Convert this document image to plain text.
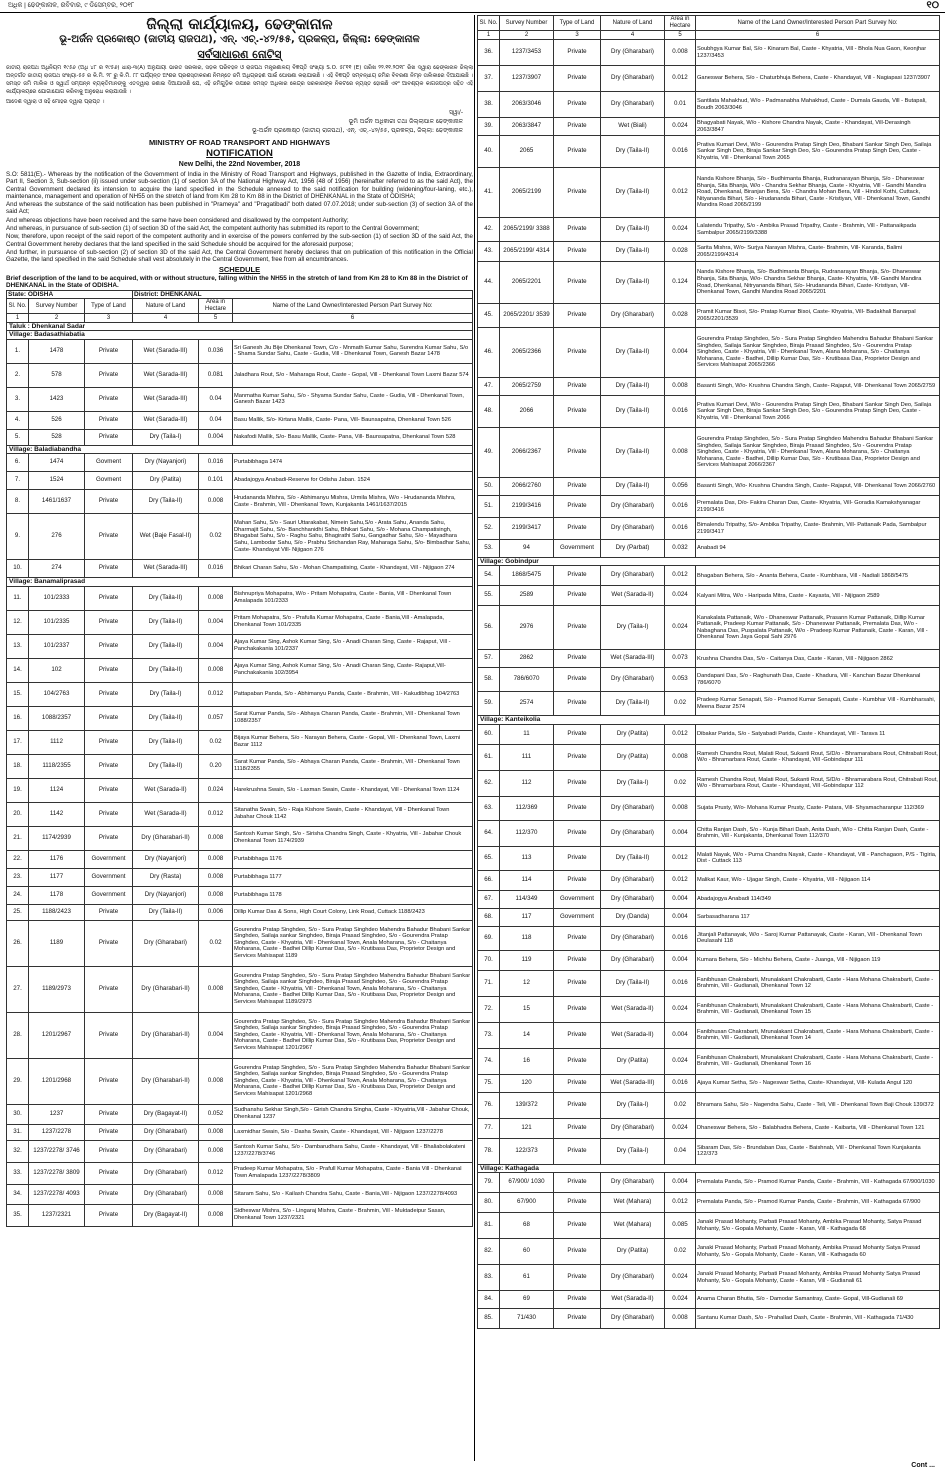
ଅଧିକ | ଢେଙ୍କାନାଳ, ରବିବାର, ୯ ଡିସେମ୍ବର, ୨୦୧୮	୧୦
ଜିଲ୍ଲା କାର୍ଯ୍ୟାଳୟ, ଢେଙ୍କାନାଳ
ଭୂ-ଅର୍ଜନ ପ୍ରକୋଷ୍ଠ (ଜାତୀୟ ରାଜପଥ), ଏନ୍. ଏଚ୍.-୪୨/୫୫, ପ୍ରକଳ୍ପ, ଜିଲ୍ଲା: ଢେଙ୍କାନାଳ
ସର୍ବସାଧାରଣ ନୋଟିସ୍
ଜାତୀୟ ରାଜପଥ ଅଧିନିୟମ ୧୯୫୬ (ଅଧି ୪୮ ର ୧୯୫୬) ଧାରା-୩(A) ଅନୁଯାୟୀ ଭାରତ ସରକାର, ସଡ଼କ ପରିବହନ ଓ ରାଜପଥ ମନ୍ତ୍ରଣାଳୟ ବିଜ୍ଞପ୍ତି ସଂଖ୍ୟା S.O. ୫୮୧୧ (E) ତାରିଖ ୨୨.୧୧.୨୦୧୮ ରିଖ ଦ୍ୱାରା ଢେଙ୍କାନାଳ ଜିଲ୍ଲା ଅନ୍ତର୍ଗତ ଜାତୀୟ ରାଜପଥ ସଂଖ୍ୟା-୫୫ ର କି.ମି. ୨୮ ରୁ କି.ମି. ୮୮ ପର୍ଯ୍ୟନ୍ତ ଅଂଶର ପ୍ରଶସ୍ତୀକରଣ ନିମନ୍ତେ ଜମି ଅଧିଗ୍ରହଣ ପାଇଁ ଘୋଷଣା କରାଯାଇଛି । ଏହି ବିଜ୍ଞପ୍ତି ସମ୍ବନ୍ଧୀୟ ଜମିର ବିବରଣୀ ନିମ୍ନ ତାଲିକାରେ ଦିଆଯାଇଛି । ସମସ୍ତ ଜମି ମାଲିକ ଓ ସ୍ୱାର୍ଥ ସମ୍ପନ୍ନ ବ୍ୟକ୍ତିମାନଙ୍କୁ ଏତଦ୍ୱାରା ଜଣାଇ ଦିଆଯାଉଛି ଯେ, ଏହି ଜମିଗୁଡ଼ିକ ଉପରେ ସମସ୍ତ ଅଧିକାର କେନ୍ଦ୍ର ସରକାରଙ୍କ ନିକଟରେ ନ୍ୟସ୍ତ ହୋଇଛି ଏବଂ ଆବଶ୍ୟକ କାଗଜପତ୍ର ସହିତ ଏହି କାର୍ଯ୍ୟାଳୟରେ ଯୋଗାଯୋଗ କରିବାକୁ ଅନୁରୋଧ କରାଯାଉଛି ।
ଆଦେଶ ଦ୍ୱାରା ଓ ସହି ମୋହର ଦ୍ୱାରା ପ୍ରାପ୍ତ ।
ସ୍ୱା/-
ଭୂମି ଅର୍ଜନ ଅଧିକାରୀ ତଥା ଜିଲ୍ଲାପାଳ ଢେଙ୍କାନାଳ
ଭୂ-ଅର୍ଜନ ପ୍ରକୋଷ୍ଠ (ଜାତୀୟ ରାଜପଥ), ଏନ୍. ଏଚ୍.-୪୨/୫୫, ପ୍ରକଳ୍ପ, ଜିଲ୍ଲା: ଢେଙ୍କାନାଳ
MINISTRY OF ROAD TRANSPORT AND HIGHWAYS
NOTIFICATION
New Delhi, the 22nd November, 2018

S.O: 5811(E).- Whereas by the notification of the Government of India in the Ministry of Road Transport and Highways, published in the Gazette of India, Extraordinary, Part II, Section 3, Sub-section (ii) issued under sub-section (1) of section 3A of the National Highway Act, 1956 (48 of 1956) (hereinafter referred to as the said Act), the Central Government declared its intension to acquire the land specified in the Schedule annexed to the said notification for building (widening/four-laning, etc.), maintenance, management and operation of NH55 on the stretch of land from Km 28 to Km 88 in the District of DHENKANAL in the State of ODISHA;

And whereas the substance of the said notification has been published in "Prameya" and "Pragatibadi" both dated 07.07.2018; under sub-section (3) of section 3A of the said Act;

And whereas objections have been received and the same have been considered and disallowed by the competent Authority;

And whereas, in pursuance of sub-section (1) of section 3D of the said Act, the competent authority has submitted its report to the Central Government;

Now, therefore, upon receipt of the said report of the competent authority and in exercise of the powers conferred by the sub-section (1) of section 3D of the said Act, the Central Government hereby declares that the land specified in the said Schedule should be acquired for the aforesaid purpose;

And further, in pursuance of sub-section (2) of section 3D of the said Act, the Central Government hereby declares that on publication of this notification in the Official Gazette, the land specified in the said Schedule shall vest absolutely in the Central Government, free from all encumbrances.

SCHEDULE
Brief description of the land to be acquired, with or without structure, falling within the NH55 in the stretch of land from Km 28 to Km 88 in the District of DHENKANAL in the State of ODISHA.
State: ODISHA			District: DHENKANAL		
Sl. No.	Survey Number	Type of Land	Nature of Land	Area in Hectare	Name of the Land Owner/Interested Person Part Survey No:
1	2	3	4	5	6
Taluk : Dhenkanal Sadar					
Village: Badasathiabatia					
1.	1478	Private	Wet (Sarada-III)	0.036	Sri Ganesh Jiu Bije Dhenkanal Town, C/o - Mnmath Eumar Sahu, Surendra Kumar Sahu, S/o - Shama Sundar Sahu, Caste - Gudia, Vill - Dhenkanal Town, Ganesh Bazar 1478
2.	578	Private	Wet (Sarada-III)	0.081	Jaladhara Rout, S/o - Maharaga Rout, Caste - Gopal, Vill - Dhenkanal Town Laxmi Bazar 574
3.	1423	Private	Wet (Sarada-III)	0.04	Manmatha Kumar Sahu, S/o - Shyama Sundar Sahu, Caste - Gudia, Vill - Dhenkanal Town, Ganesh Bazar 1423
4.	526	Private	Wet (Sarada-III)	0.04	Basu Mallik, S/o- Kirtana Mallik, Caste- Pana, Vill- Baunsapatna, Dhenkanal Town 526
5.	528	Private	Dry (Taila-I)	0.004	Nakafodi Mallik, S/o- Basu Mallik, Caste- Pana, Vill- Baunsapatna, Dhenkanal Town 528
Village: Baladiabandha					
6.	1474	Govment	Dry (Nayanjori)	0.016	Purtabibhaga 1474
7.	1524	Govment	Dry (Patita)	0.101	Abadajogya Anabadi-Reserve for Odisha Jaban. 1524
8.	1461/1637	Private	Dry (Taila-II)	0.008	Hrudananda Mishra, S/o - Abhimanyu Mishra, Urmila Mishra, W/o - Hrudananda Mishra, Caste - Brahmin, Vill - Dhenkanal Town, Kunjakanta 1461/1637/2015
9.	276	Private	Wet (Baje Fasal-II)	0.02	Mahan Sahu, S/o - Sauri Uttarakabat, Nimein Sahu,S/o - Arata Sahu, Ananda Sahu, Dharmajit Sahu, S/o- Banchhanidhi Sahu, Bhikari Sahu, S/o - Mohana Champatisingh, Bhagabat Sahu, S/o - Raghu Sahu, Bhagirathi Sahu, Gangadhar Sahu, S/o - Mayadhara Sahu, Lambodar Sahu, S/o - Prabhu Srichandan Ray, Maharaga Sahu, S/o- Bimbadhar Sahu, Caste- Khandayat Vill- Nijigaon 276
10.	274	Private	Wet (Sarada-III)	0.016	Bhikari Charan Sahu, S/o - Mohan Champatising, Caste - Khandayat, Vill - Nijigaon 274
Village: Banamaliprasad					
11.	101/2333	Private	Dry (Taila-II)	0.008	Bishnupriya Mohapatra, W/o - Pritam Mohapatra, Caste - Bania, Vill - Dhenkanal Town Amalapada 101/2333
12.	101/2335	Private	Dry (Taila-II)	0.004	Pritam Mohapatra, S/o - Prafulla Kumar Mohapatra, Caste - Bania,Vill - Amalapada, Dhenkanal Town 101/2335
13.	101/2337	Private	Dry (Taila-II)	0.004	Ajaya Kumar Sing, Ashok Kumar Sing, S/o - Anadi Charan Sing, Caste - Rajaput, Vill - Panchakakania 101/2337
14.	102	Private	Dry (Taila-II)	0.008	Ajaya Kumar Sing, Ashok Kumar Sing, S/o - Anadi Charan Sing, Caste- Rajaput,Vill-Panchakakania 102/3954
15.	104/2763	Private	Dry (Taila-I)	0.012	Pattapaban Panda, S/o - Abhimanyu Panda, Caste - Brahmin, Vill - Kakudibhag 104/2763
16.	1088/2357	Private	Dry (Taila-II)	0.057	Sarat Kumar Panda, S/o - Abhaya Charan Panda, Caste - Brahmin, Vill - Dhenkanal Town 1088/2357
17.	1112	Private	Dry (Taila-II)	0.02	Bijaya Kumar Behera, S/o - Narayan Behera, Caste - Gopal, Vill - Dhenkanal Town, Laxmi Bazar 1112
18.	1118/2355	Private	Dry (Taila-II)	0.20	Sarat Kumar Panda, S/o - Abhaya Charan Panda, Caste - Brahmin, Vill - Dhenkanal Town 1118/2355
19.	1124	Private	Wet (Sarada-II)	0.024	Harekrushna Swain, S/o - Laxman Swain, Caste - Khandayat, Vill - Dhenkanal Town 1124
20.	1142	Private	Wet (Sarada-II)	0.012	Sitanatha Swain, S/o - Raja Kishore Swain, Caste - Khandayat, Vill - Dhenkanal Town Jabahar Chouk 1142
21.	1174/2939	Private	Dry (Gharabari-II)	0.008	Santosh Kumar Singh, S/o - Sirisha Chandra Singh, Caste - Khyatria, Vill - Jabahar Chouk Dhenkanal Town 1174/2939
22.	1176	Government	Dry (Nayanjori)	0.008	Purtabibhaga 1176
23.	1177	Government	Dry (Rasta)	0.008	Purtabibhaga 1177
24.	1178	Government	Dry (Nayanjori)	0.008	Purtabibhaga 1178
25.	1188/2423	Private	Dry (Taila-II)	0.006	Dillip Kumar Das & Sons, High Court Colony, Link Road, Cuttack 1188/2423
26.	1189	Private	Dry (Gharabari)	0.02	Gourendra Pratap Singhdeo, S/o - Sura Pratap Singhdeo Mahendra Bahadur Bhabani Sankar Singhdeo, Sailaja sankar Singhdeo, Biraja Prasad Singhdeo, S/o - Gourendra Pratap Singhdeo, Caste - Khyatria, Vill - Dhenkanal Town, Anala Moharana, S/o - Chaitanya Moharana, Caste - Badhei Dillip Kumar Das, S/o - Krutibasa Das, Proprietor Design and Services Mahisapat 1189
27.	1189/2973	Private	Dry (Gharabari-II)	0.008	Gourendra Pratap Singhdeo, S/o - Sura Pratap Singhdeo Mahendra Bahadur Bhabani Sankar Singhdeo, Sailaja sankar Singhdeo, Biraja Prasad Singhdeo, S/o - Gourendra Pratap Singhdeo, Caste - Khyatria, Vill - Dhenkanal Town, Anala Moharana, S/o - Chaitanya Moharana, Caste - Badhei Dillip Kumar Das, S/o - Krutibasa Das, Proprietor Design and Services Mahisapat 1189/2973
28.	1201/2967	Private	Dry (Gharabari-II)	0.004	Gourendra Pratap Singhdeo, S/o - Sura Pratap Singhdeo Mahendra Bahadur Bhabani Sankar Singhdeo, Sailaja sankar Singhdeo, Biraja Prasad Singhdeo, S/o - Gourendra Pratap Singhdeo, Caste - Khyatria, Vill - Dhenkanal Town, Anala Moharana, S/o - Chaitanya Moharana, Caste - Badhei Dillip Kumar Das, S/o - Krutibasa Das, Proprietor Design and Services Mahisapat 1201/2967
29.	1201/2968	Private	Dry (Gharabari-II)	0.008	Gourendra Pratap Singhdeo, S/o - Sura Pratap Singhdeo Mahendra Bahadur Bhabani Sankar Singhdeo, Sailaja sankar Singhdeo, Biraja Prasad Singhdeo, S/o - Gourendra Pratap Singhdeo, Caste - Khyatria, Vill - Dhenkanal Town, Anala Moharana, S/o - Chaitanya Moharana, Caste - Badhei Dillip Kumar Das, S/o - Krutibasa Das, Proprietor Design and Services Mahisapat 1201/2968
30.	1237	Private	Dry (Bagayat-II)	0.052	Sudhanshu Sekhar Singh,S/o - Girish Chandra Singha, Caste - Khyatria,Vill - Jabahar Chouk, Dhenkanal 1237
31.	1237/2278	Private	Dry (Gharabari)	0.008	Laxmidhar Swain, S/o - Dasha Swain, Caste - Khandayat, Vill - Nijigaon 1237/2278
32.	1237/2278/ 3746	Private	Dry (Gharabari)	0.008	Santosh Kumar Sahu, S/o - Dambarudhara Sahu, Caste - Khandayat, Vill - Bhaliabolakateni 1237/2278/3746
33.	1237/2278/ 3809	Private	Dry (Gharabari)	0.012	Pradeep Kumar Mohapatra, S/o - Prafull Kumar Mohapatra, Caste - Bania Vill - Dhenkanal Town Amalapada 1237/2278/3809
34.	1237/2278/ 4093	Private	Dry (Gharabari)	0.008	Sitaram Sahu, S/o - Kailash Chandra Sahu, Caste - Bania,Vill - Nijigaon 1237/2278/4093
35.	1237/2321	Private	Dry (Bagayat-II)	0.008	Sidheswar Mishra, S/o - Lingaraj Mishra, Caste - Brahmin, Vill - Muktadeipur Sasan, Dhenkanal Town 1237/2321
Sl. No.	Survey Number	Type of Land	Nature of Land	Area in Hectare	Name of the Land Owner/Interested Person Part Survey No:
1	2	3	4	5	6
36.	1237/3453	Private	Dry (Gharabari)	0.008	Soubhgya Kumar Bal, S/o - Kinaram Bal, Caste - Khyatria, Vill - Bhola Nua Gaon, Keonjhar 1237/3453
37.	1237/3907	Private	Dry (Gharabari)	0.012	Ganeswar Behera, S/o - Chaturbhuja Behera, Caste - Khandayat, Vill - Nagiapasi 1237/3907
38.	2063/3046	Private	Dry (Gharabari)	0.01	Santilata Mahakhud, W/o - Padmanabha Mahakhud, Caste - Dumala Gauda, Vill - Butapali, Boudh 2063/3046
39.	2063/3847	Private	Wet (Biali)	0.024	Bhagyabati Nayak, W/o - Kishore Chandra Nayak, Caste - Khandayat, Vill-Derasingh 2063/3847
40.	2065	Private	Dry (Taila-II)	0.016	Prativa Kumari Devi, W/o - Gourendra Pratap Singh Deo, Bhabani Sankar Singh Deo, Sailaja Sankar Singh Deo, Biraja Sankar Singh Deo, S/o - Gourendra Pratap Singh Deo, Caste - Khyatria, Vill - Dhenkanal Town 2065
41.	2065/2199	Private	Dry (Taila-II)	0.012	Nanda Kishore Bhanja, S/o - Budhimanta Bhanja, Rudranarayan Bhanja, S/o - Dhaneswar Bhanja, Sita Bhanja, W/o - Chandra Sekhar Bhanja, Caste - Khyatria, Vill - Gandhi Mandira Road, Dhenkanal, Biranjan Bera, S/o - Chandra Mohan Bera, Vill - Hindol Kothi, Cuttack, Nityananda Bihari, S/o - Hrudananda Bihari, Caste - Kristiyan, Vill - Dhenkanal Town, Gandhi Mandira Road 2065/2199
42.	2065/2199/ 3388	Private	Dry (Taila-II)	0.024	Lalatendu Tripathy, S/o - Ambika Prasad Tripathy, Caste - Brahmin, Vill - Pattanaikpada Sambalpur 2065/2199/3388
43.	2065/2199/ 4314	Private	Dry (Taila-II)	0.028	Sarita Mishra, W/o- Surjya Narayan Mishra, Caste- Brahmin, Vill- Karanda, Balimi 2065/2199/4314
44.	2065/2201	Private	Dry (Taila-II)	0.124	Nanda Kishore Bhanja, S/o- Budhimanta Bhanja, Rudranarayan Bhanja, S/o- Dhaneswar Bhanja, Sita Bhanja, W/o- Chandra Sekhar Bhanja, Caste- Khyatria, Vill- Gandhi Mandira Road, Dhenkanal, Nitryananda Bihari, S/o- Hrudananda Bihari, Caste- Kristiyan, Vill- Dhenkanal Town, Gandhi Mandira Road 2065/2201
45.	2065/2201/ 3539	Private	Dry (Gharabari)	0.028	Pramit Kumar Bisoi, S/o- Pratap Kumar Bisoi, Caste- Khyatria, Vill- Badakhali Banarpal 2065/2201/3539
46.	2065/2366	Private	Dry (Taila-II)	0.004	Gourendra Pratap Singhdeo, S/o - Sura Pratap Singhdeo Mahendra Bahadur Bhabani Sankar Singhdeo, Sailaja Sankar Singhdeo, Biraja Prasad Singhdeo, S/o - Gourendra Pratap Singhdeo, Caste - Khyatria, Vill - Dhenkanal Town, Alana Moharana, S/o - Chaitanya Moharana, Caste - Badhei, Dillip Kumar Das, S/o - Krutibasa Das, Proprietor Design and Services Mahisapat 2065/2366
47.	2065/2759	Private	Dry (Taila-II)	0.008	Basanti Singh, W/o- Krushna Chandra Singh, Caste- Rajaput, Vill- Dhenkanal Town 2065/2759
48.	2066	Private	Dry (Taila-II)	0.016	Prativa Kumari Devi, W/o - Gourendra Pratap Singh Deo, Bhabani Sankar Singh Deo, Sailaja Sankar Singh Deo, Biraja Sankar Singh Deo, S/o - Gourendra Pratap Singh Deo, Caste - Khyatria, Vill - Dhenkanal Town 2066
49.	2066/2367	Private	Dry (Taila-II)	0.008	Gourendra Pratap Singhdeo, S/o - Sura Pratap Singhdeo Mahendra Bahadur Bhabani Sankar Singhdeo, Sailaja Sankar Singhdeo, Biraja Prasad Singhdeo, S/o - Gourendra Pratap Singhdeo, Caste - Khyatria, Vill - Dhenkanal Town, Alana Moharana, S/o - Chaitanya Moharana, Caste - Badhei, Dillip Kumar Das, S/o - Krutibasa Das, Proprietor Design and Services Mahisapat 2066/2367
50.	2066/2760	Private	Dry (Taila-II)	0.056	Basanti Singh, W/o- Krushna Chandra Singh, Caste- Rajaput, Vill- Dhenkanal Town 2066/2760
51.	2199/3416	Private	Dry (Gharabari)	0.016	Premalata Das, D/o- Fakira Charan Das, Caste- Khyatria, Vill- Goradia Kamakshyanagar 2199/3416
52.	2199/3417	Private	Dry (Gharabari)	0.016	Bimalendu Tripathy, S/o- Ambika Tripathy, Caste- Brahmin, Vill- Pattanaik Pada, Sambalpur 2199/3417
53.	94	Government	Dry (Parbat)	0.032	Anabadi 94
Village: Gobindpur					
54.	1868/5475	Private	Dry (Gharabari)	0.012	Bhagaban Behera, S/o - Ananta Behera, Caste - Kumbhara, Vill - Nadiali 1868/5475
55.	2589	Private	Wet (Sarada-II)	0.024	Kalyani Mitra, W/o - Haripada Mitra, Caste - Kayasta, Vill - Nijigaon 2589
56.	2976	Private	Dry (Taila-I)	0.024	Kanakalata Pattanaik, W/o - Dhaneswar Pattanaik, Prasann Kumar Pattanaik, Dillip Kumar Pattanaik, Pradeep Kumar Pattanaik, S/o - Dhaneswar Pattanaik, Premalata Das, W/o - Nabaghana Das, Puspalata Pattanaik, W/o - Pradeep Kumar Pattanaik, Caste - Karan, Vill - Dhenkanal Town Jaya Gopal Sahi 2976
57.	2862	Private	Wet (Sarada-III)	0.073	Krushna Chandra Das, S/o - Caitanya Das, Caste - Karan, Vill - Nijigaon 2862
58.	786/6070	Private	Dry (Gharabari)	0.053	Dandapani Das, S/o - Raghunath Das, Caste - Khadura, Vill - Kanchan Bazar Dhenkanal 786/6070
59.	2574	Private	Dry (Taila-II)	0.02	Pradeep Kumar Senapati, S/o - Pramod Kumar Senapati, Caste - Kumbhar Vill - Kumbharsahi, Meena Bazar 2574
Village: Kanteikolia					
60.	11	Private	Dry (Patita)	0.012	Dibakar Parida, S/o - Satyabadi Parida, Caste - Khandayat, Vill - Tarava 11
61.	111	Private	Dry (Patita)	0.008	Ramesh Chandra Rout, Malati Rout, Sukanti Rout, S/D/o - Bhramarabara Rout, Chitrabati Rout, W/o - Bhramarbara Rout, Caste - Khandayat, Vill -Gobindapur 111
62.	112	Private	Dry (Taila-I)	0.02	Ramesh Chandra Rout, Malati Rout, Sukanti Rout, S/D/o - Bhramarabara Rout, Chitrabati Rout, W/o - Bhramarbara Rout, Caste - Khandayat, Vill -Gobindapur 112
63.	112/369	Private	Dry (Gharabari)	0.008	Sujata Prusty, W/o- Mohana Kumar Prusty, Caste- Patara, Vill- Shyamacharanpur 112/369
64.	112/370	Private	Dry (Gharabari)	0.004	Chitta Ranjan Dash, S/o - Kunja Bihari Dash, Anita Dash, W/o - Chitta Ranjan Dash, Caste - Brahmin, Vill - Kunjakanta, Dhenkanal Town 112/370
65.	113	Private	Dry (Taila-II)	0.012	Malati Nayak, W/o - Purna Chandra Nayak, Caste - Khandayat, Vill - Panchagaon, P/S - Tigiria, Dist - Cuttack 113
66.	114	Private	Dry (Gharabari)	0.012	Malikat Kaur, W/o - Ujagar Singh, Caste - Khyatria, Vill - Nijigaon 114
67.	114/349	Government	Dry (Gharabari)	0.004	Abadajogya Anabadi 114/349
68.	117	Government	Dry (Danda)	0.004	Sarbasadharana 117
69.	118	Private	Dry (Gharabari)	0.016	Jitanjali Pattanayak, W/o - Saroj Kumar Pattanayak, Caste - Karan, Vill - Dhenkanal Town Deulasahi 118
70.	119	Private	Dry (Gharabari)	0.004	Kumara Behera, S/o - Michhu Behera, Caste - Juanga, Vill - Nijigaon 119
71.	12	Private	Dry (Taila-II)	0.016	Fanibhusan Chakrabarti, Mrunalakant Chakrabarti, Caste - Hara Mohana Chakrabarti, Caste - Brahmin, Vill - Gudianali, Dhenkanal Town 12
72.	15	Private	Wet (Sarada-II)	0.024	Fanibhusan Chakrabarti, Mrunalakant Chakrabarti, Caste - Hara Mohana Chakrabarti, Caste - Brahmin, Vill - Gudianali, Dhenkanal Town 15
73.	14	Private	Wet (Sarada-II)	0.004	Fanibhusan Chakrabarti, Mrunalakant Chakrabarti, Caste - Hara Mohana Chakrabarti, Caste - Brahmin, Vill - Gudianali, Dhenkanal Town 14
74.	16	Private	Dry (Patita)	0.024	Fanibhusan Chakrabarti, Mrunalakant Chakrabarti, Caste - Hara Mohana Chakrabarti, Caste - Brahmin, Vill - Gudianali, Dhenkanal Town 16
75.	120	Private	Wet (Sarada-III)	0.016	Ajaya Kumar Setha, S/o - Nageswar Setha, Caste- Khandayat, Vill- Kulada Angul 120
76.	139/372	Private	Dry (Taila-I)	0.02	Bhramara Sahu, S/o - Nagendra Sahu, Caste - Teli, Vill - Dhenkanal Town Baji Chouk 139/372
77.	121	Private	Dry (Gharabari)	0.024	Dhaneswar Behera, S/o - Balabhadra Behera, Caste - Kaibarta, Vill - Dhenkanal Town 121
78.	122/373	Private	Dry (Taila-I)	0.04	Sibaram Das, S/o - Brundaban Das, Caste - Baishnab, Vill - Dhenkanal Town Kunjakanta 122/373
Village: Kathagada					
79.	67/900/ 1030	Private	Dry (Gharabari)	0.004	Premalata Panda, S/o - Pramod Kumar Panda, Caste - Brahmin, Vill - Kathagada 67/900/1030
80.	67/900	Private	Wet (Mahara)	0.012	Premalata Panda, S/o - Pramod Kumar Panda, Caste - Brahmin, Vill - Kathagada 67/900
81.	68	Private	Wet (Mahara)	0.085	Janaki Prasad Mohanty, Parbati Prasad Mohanty, Ambika Prasad Mohanty, Satya Prasad Mohanty, S/o - Gopala Mohanty, Caste - Karan, Vill - Kathagada 68
82.	60	Private	Dry (Patita)	0.02	Janaki Prasad Mohanty, Parbati Prasad Mohanty, Ambika Prasad Mohanty Satya Prasad Mohanty, S/o - Gopala Mohanty, Caste - Karan, Vill - Kathagada 60
83.	61	Private	Dry (Gharabari)	0.024	Janaki Prasad Mohanty, Parbati Prasad Mohanty, Ambika Prasad Mohanty Satya Prasad Mohanty, S/o - Gopala Mohanty, Caste - Karan, Vill - Gudianali 61
84.	69	Private	Wet (Sarada-II)	0.024	Anama Charan Bhutia, S/o - Damodar Samantray, Caste- Gopal, Vill-Gudianali 69
85.	71/430	Private	Dry (Gharabari)	0.008	Santanu Kumar Dash, S/o - Prahallad Dash, Caste - Brahmin, Vill - Kathagada 71/430
Cont ...
